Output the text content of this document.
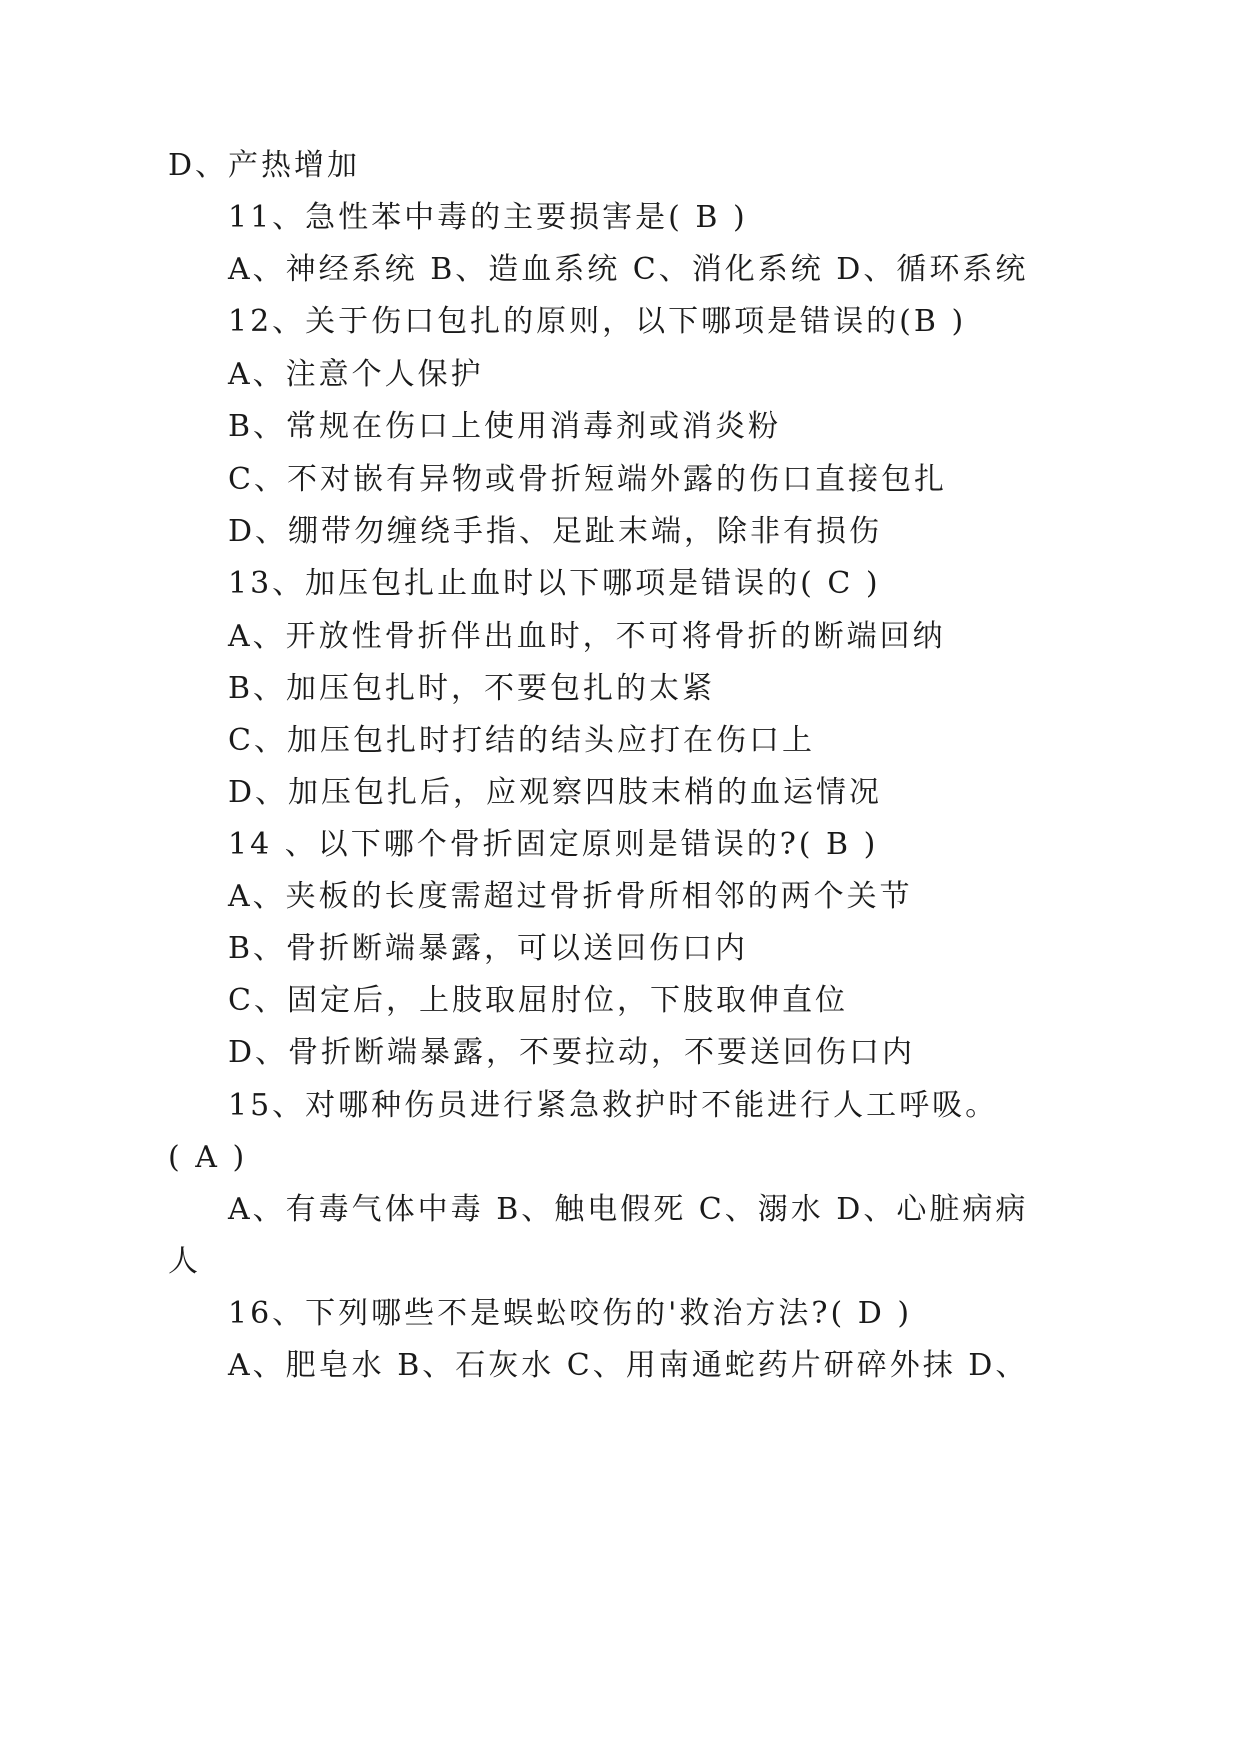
D、产热增加
11、急性苯中毒的主要损害是( B )
A、神经系统 B、造血系统 C、消化系统 D、循环系统
12、关于伤口包扎的原则，以下哪项是错误的(B )
A、注意个人保护
B、常规在伤口上使用消毒剂或消炎粉
C、不对嵌有异物或骨折短端外露的伤口直接包扎
D、绷带勿缠绕手指、足趾末端，除非有损伤
13、加压包扎止血时以下哪项是错误的( C )
A、开放性骨折伴出血时，不可将骨折的断端回纳
B、加压包扎时，不要包扎的太紧
C、加压包扎时打结的结头应打在伤口上
D、加压包扎后，应观察四肢末梢的血运情况
14 、以下哪个骨折固定原则是错误的?( B )
A、夹板的长度需超过骨折骨所相邻的两个关节
B、骨折断端暴露，可以送回伤口内
C、固定后，上肢取屈肘位，下肢取伸直位
D、骨折断端暴露，不要拉动，不要送回伤口内
15、对哪种伤员进行紧急救护时不能进行人工呼吸。
( A )
A、有毒气体中毒 B、触电假死 C、溺水 D、心脏病病
人
16、下列哪些不是蜈蚣咬伤的'救治方法?( D )
A、肥皂水 B、石灰水 C、用南通蛇药片研碎外抹 D、
